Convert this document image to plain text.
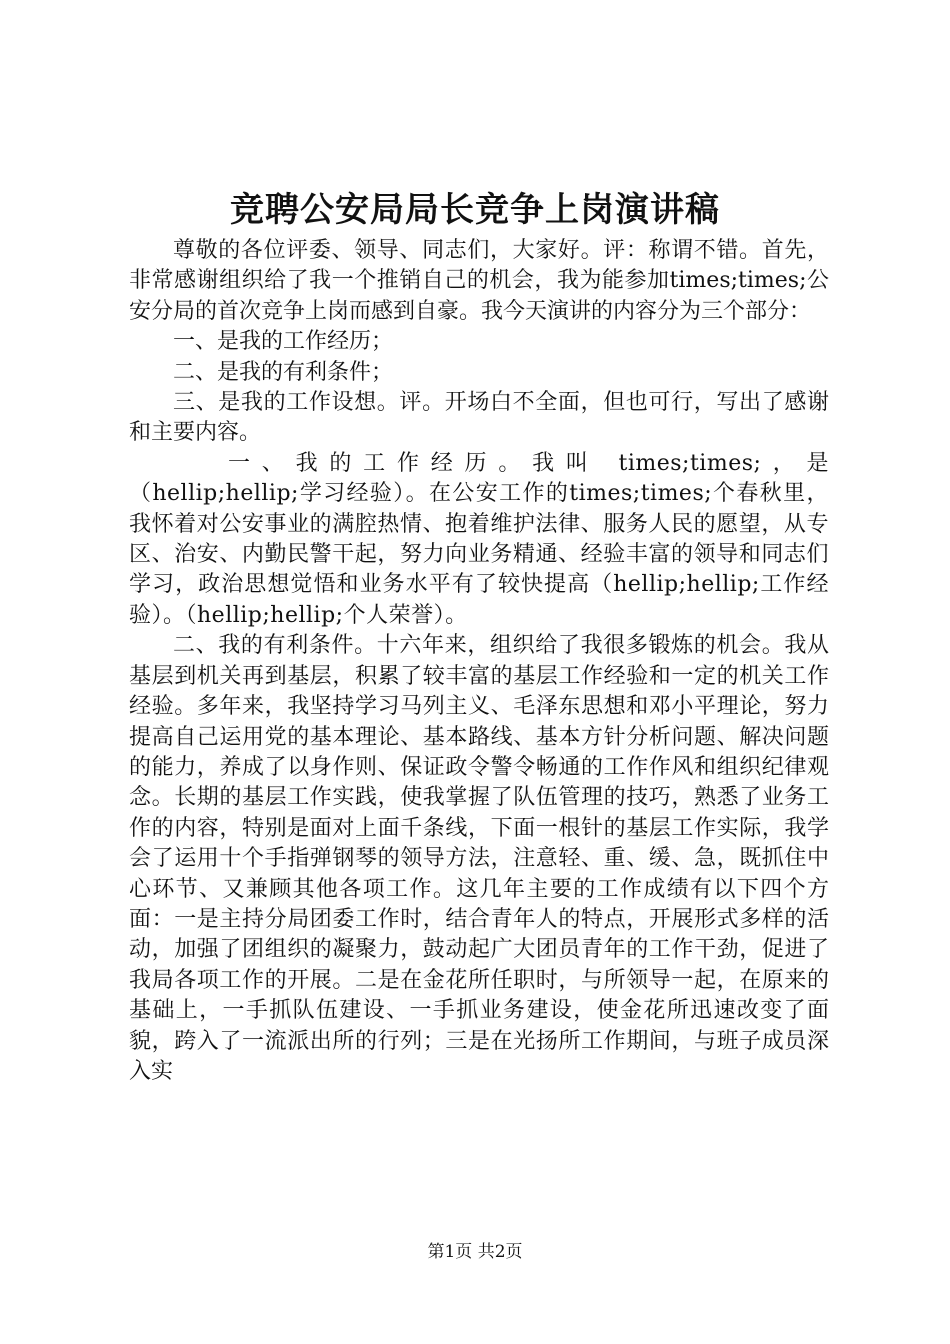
竞聘公安局局长竞争上岗演讲稿

尊敬的各位评委、领导、同志们，大家好。评：称谓不错。首先，非常感谢组织给了我一个推销自己的机会，我为能参加times;times;公安分局的首次竞争上岗而感到自豪。我今天演讲的内容分为三个部分：

一、是我的工作经历；

二、是我的有利条件；

三、是我的工作设想。评。开场白不全面，但也可行，写出了感谢和主要内容。

一、我的工作经历。我叫 times;times;，是（hellip;hellip;学习经验）。在公安工作的times;times;个春秋里，我怀着对公安事业的满腔热情、抱着维护法律、服务人民的愿望，从专区、治安、内勤民警干起，努力向业务精通、经验丰富的领导和同志们学习，政治思想觉悟和业务水平有了较快提高（hellip;hellip;工作经验）。（hellip;hellip;个人荣誉）。

二、我的有利条件。十六年来，组织给了我很多锻炼的机会。我从基层到机关再到基层，积累了较丰富的基层工作经验和一定的机关工作经验。多年来，我坚持学习马列主义、毛泽东思想和邓小平理论，努力提高自己运用党的基本理论、基本路线、基本方针分析问题、解决问题的能力，养成了以身作则、保证政令警令畅通的工作作风和组织纪律观念。长期的基层工作实践，使我掌握了队伍管理的技巧，熟悉了业务工作的内容，特别是面对上面千条线，下面一根针的基层工作实际，我学会了运用十个手指弹钢琴的领导方法，注意轻、重、缓、急，既抓住中心环节、又兼顾其他各项工作。这几年主要的工作成绩有以下四个方面：一是主持分局团委工作时，结合青年人的特点，开展形式多样的活动，加强了团组织的凝聚力，鼓动起广大团员青年的工作干劲，促进了我局各项工作的开展。二是在金花所任职时，与所领导一起，在原来的基础上，一手抓队伍建设、一手抓业务建设，使金花所迅速改变了面貌，跨入了一流派出所的行列；三是在光扬所工作期间，与班子成员深入实

第1页 共2页
